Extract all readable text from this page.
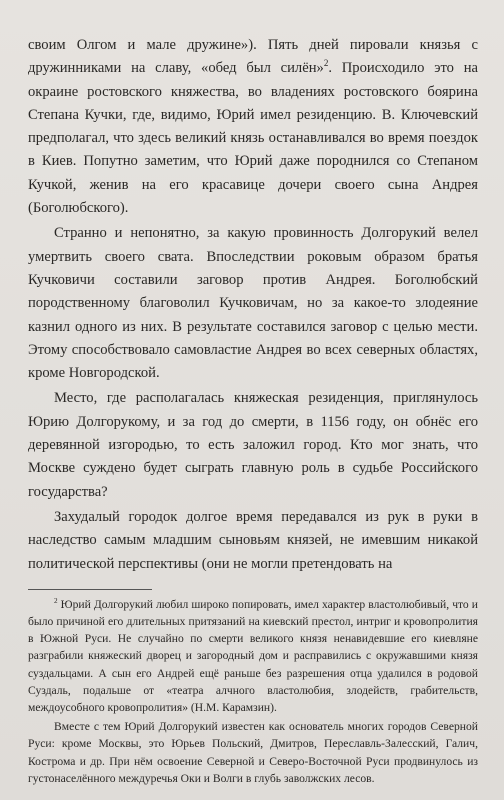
своим Олгом и мале дружине»). Пять дней пировали князья с дружинниками на славу, «обед был силён»$^2$. Происходило это на окраине ростовского княжества, во владениях ростовского боярина Степана Кучки, где, видимо, Юрий имел резиденцию. В. Ключевский предполагал, что здесь великий князь останавливался во время поездок в Киев. Попутно заметим, что Юрий даже породнился со Степаном Кучкой, женив на его красавице дочери своего сына Андрея (Боголюбского).

Странно и непонятно, за какую провинность Долгорукий велел умертвить своего свата. Впоследствии роковым образом братья Кучковичи составили заговор против Андрея. Боголюбский породственному благоволил Кучковичам, но за какое-то злодеяние казнил одного из них. В результате составился заговор с целью мести. Этому способствовало самовластие Андрея во всех северных областях, кроме Новгородской.

Место, где располагалась княжеская резиденция, приглянулось Юрию Долгорукому, и за год до смерти, в 1156 году, он обнёс его деревянной изгородью, то есть заложил город. Кто мог знать, что Москве суждено будет сыграть главную роль в судьбе Российского государства?

Захудалый городок долгое время передавался из рук в руки в наследство самым младшим сыновьям князей, не имевшим никакой политической перспективы (они не могли претендовать на

$^2$ Юрий Долгорукий любил широко попировать, имел характер властолюбивый, что и было причиной его длительных притязаний на киевский престол, интриг и кровопролития в Южной Руси. Не случайно по смерти великого князя ненавидевшие его киевляне разграбили княжеский дворец и загородный дом и расправились с окружавшими князя суздальцами. А сын его Андрей ещё раньше без разрешения отца удалился в родовой Суздаль, подальше от «театра алчного властолюбия, злодейств, грабительств, междоусобного кровопролития» (Н.М. Карамзин).

Вместе с тем Юрий Долгорукий известен как основатель многих городов Северной Руси: кроме Москвы, это Юрьев Польский, Дмитров, Переславль-Залесский, Галич, Кострома и др. При нём освоение Северной и Северо-Восточной Руси продвинулось из густонаселённого междуречья Оки и Волги в глубь заволжских лесов.
